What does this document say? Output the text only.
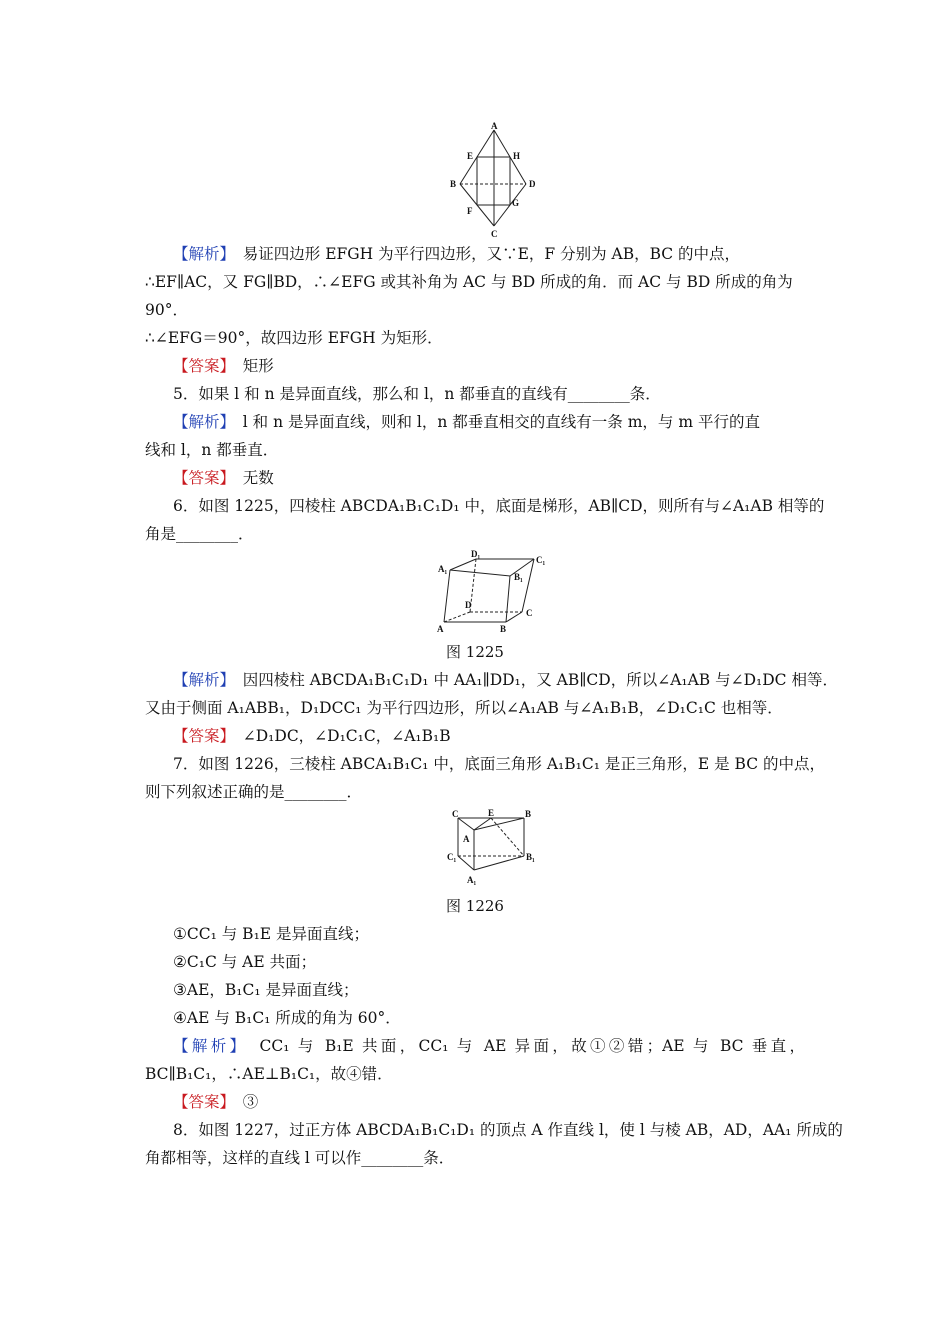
A
E	H
B	D
F
G
C
【解析】　易证四边形 EFGH 为平行四边形，又∵E，F 分别为 AB，BC 的中点，
∴EF∥AC，又 FG∥BD，∴∠EFG 或其补角为 AC 与 BD 所成的角．而 AC 与 BD 所成的角为
90°．
∴∠EFG＝90°，故四边形 EFGH 为矩形．
【答案】　矩形
5．如果 l 和 n 是异面直线，那么和 l，n 都垂直的直线有________条．
【解析】　l 和 n 是异面直线，则和 l，n 都垂直相交的直线有一条 m，与 m 平行的直
线和 l，n 都垂直．
【答案】　无数
6．如图 1225，四棱柱 ABCDA₁B₁C₁D₁ 中，底面是梯形，AB∥CD，则所有与∠A₁AB 相等的
角是________．
D₁
C₁
A₁
B₁
D
C
A	B
图 1225
【解析】　因四棱柱 ABCDA₁B₁C₁D₁ 中 AA₁∥DD₁，又 AB∥CD，所以∠A₁AB 与∠D₁DC 相等．
又由于侧面 A₁ABB₁，D₁DCC₁ 为平行四边形，所以∠A₁AB 与∠A₁B₁B，∠D₁C₁C 也相等．
【答案】　∠D₁DC，∠D₁C₁C，∠A₁B₁B
7．如图 1226，三棱柱 ABCA₁B₁C₁ 中，底面三角形 A₁B₁C₁ 是正三角形，E 是 BC 的中点，
则下列叙述正确的是________．
C	E	B
A
C₁	B₁
A₁
图 1226
①CC₁ 与 B₁E 是异面直线；
②C₁C 与 AE 共面；
③AE，B₁C₁ 是异面直线；
④AE 与 B₁C₁ 所成的角为 60°．
【解析】　CC₁ 与 B₁E 共面，CC₁ 与 AE 异面，故①②错；AE 与 BC 垂直，
BC∥B₁C₁，∴AE⊥B₁C₁，故④错．
【答案】　③
8．如图 1227，过正方体 ABCDA₁B₁C₁D₁ 的顶点 A 作直线 l，使 l 与棱 AB，AD，AA₁ 所成的
角都相等，这样的直线 l 可以作________条．
